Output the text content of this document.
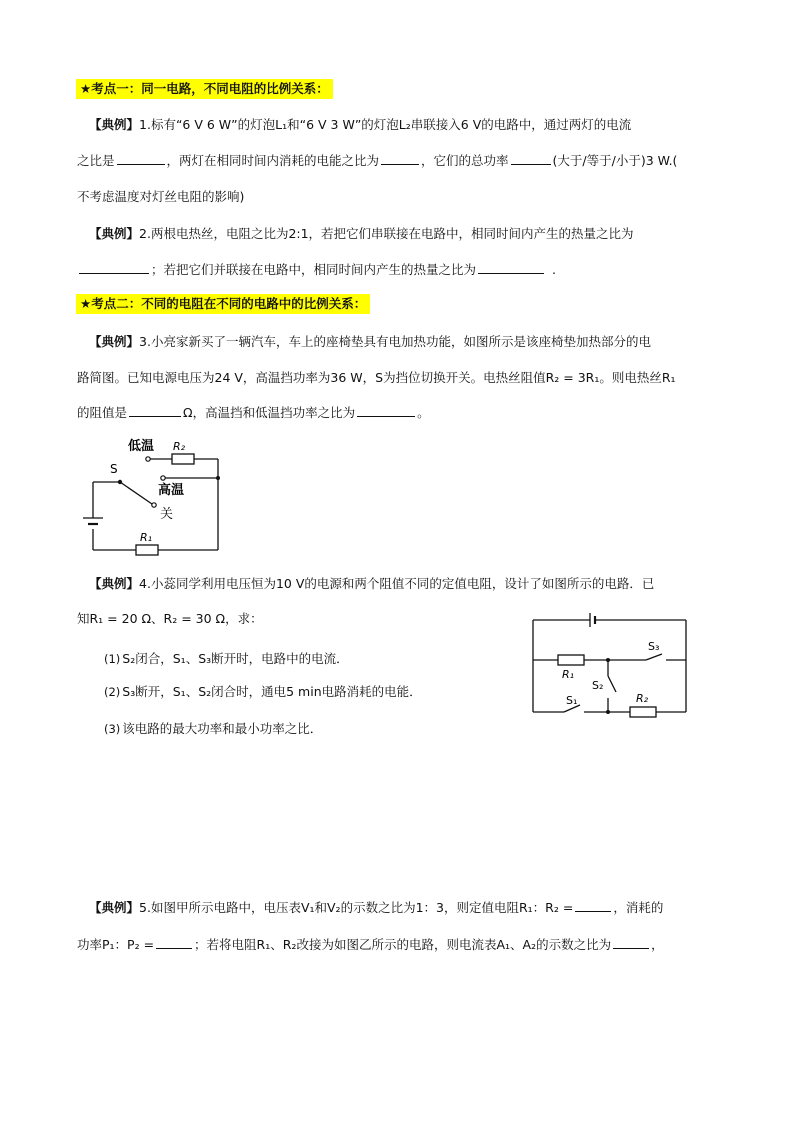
★考点一：同一电路，不同电阻的比例关系：
【典例】1.标有“6 V 6 W”的灯泡L₁和“6 V 3 W”的灯泡L₂串联接入6 V的电路中，通过两灯的电流
之比是	，两灯在相同时间内消耗的电能之比为	，它们的总功率	(大于/等于/小于)3 W.(
不考虑温度对灯丝电阻的影响)
【典例】2.两根电热丝，电阻之比为2:1，若把它们串联接在电路中，相同时间内产生的热量之比为
；若把它们并联接在电路中，相同时间内产生的热量之比为	.
★考点二：不同的电阻在不同的电路中的比例关系：
【典例】3.小亮家新买了一辆汽车，车上的座椅垫具有电加热功能，如图所示是该座椅垫加热部分的电
路简图。已知电源电压为24 V，高温挡功率为36 W，S为挡位切换开关。电热丝阻值R₂ = 3R₁。则电热丝R₁
的阻值是	Ω，高温挡和低温挡功率之比为	。
低温 R₂
S
高温
关
R₁
【典例】4.小蕊同学利用电压恒为10 V的电源和两个阻值不同的定值电阻，设计了如图所示的电路．已
知R₁ = 20 Ω、R₂ = 30 Ω，求：
(1) S₂闭合，S₁、S₃断开时，电路中的电流．
(2) S₃断开，S₁、S₂闭合时，通电5 min电路消耗的电能．
(3) 该电路的最大功率和最小功率之比．
R₁
S₃
S₂
S₁	R₂
【典例】5.如图甲所示电路中，电压表V₁和V₂的示数之比为1：3，则定值电阻R₁：R₂ =	，消耗的
功率P₁：P₂ =	；若将电阻R₁、R₂改接为如图乙所示的电路，则电流表A₁、A₂的示数之比为	，
